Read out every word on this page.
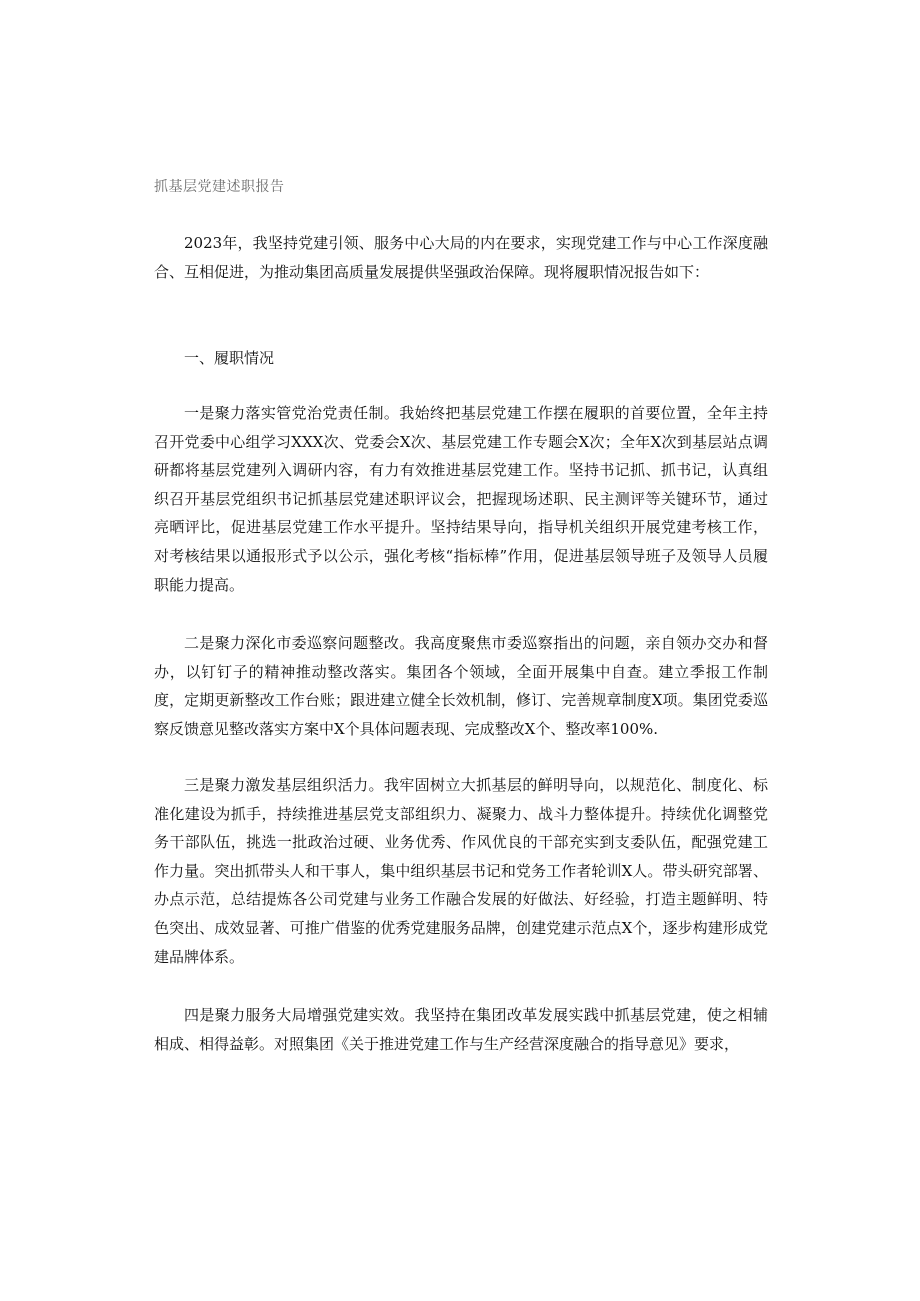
抓基层党建述职报告

2023年，我坚持党建引领、服务中心大局的内在要求，实现党建工作与中心工作深度融合、互相促进，为推动集团高质量发展提供坚强政治保障。现将履职情况报告如下：

一、履职情况

一是聚力落实管党治党责任制。我始终把基层党建工作摆在履职的首要位置，全年主持召开党委中心组学习XXX次、党委会X次、基层党建工作专题会X次；全年X次到基层站点调研都将基层党建列入调研内容，有力有效推进基层党建工作。坚持书记抓、抓书记，认真组织召开基层党组织书记抓基层党建述职评议会，把握现场述职、民主测评等关键环节，通过亮晒评比，促进基层党建工作水平提升。坚持结果导向，指导机关组织开展党建考核工作，对考核结果以通报形式予以公示，强化考核“指标棒”作用，促进基层领导班子及领导人员履职能力提高。

二是聚力深化市委巡察问题整改。我高度聚焦市委巡察指出的问题，亲自领办交办和督办，以钉钉子的精神推动整改落实。集团各个领域，全面开展集中自查。建立季报工作制度，定期更新整改工作台账；跟进建立健全长效机制，修订、完善规章制度X项。集团党委巡察反馈意见整改落实方案中X个具体问题表现、完成整改X个、整改率100%.

三是聚力激发基层组织活力。我牢固树立大抓基层的鲜明导向，以规范化、制度化、标准化建设为抓手，持续推进基层党支部组织力、凝聚力、战斗力整体提升。持续优化调整党务干部队伍，挑选一批政治过硬、业务优秀、作风优良的干部充实到支委队伍，配强党建工作力量。突出抓带头人和干事人，集中组织基层书记和党务工作者轮训X人。带头研究部署、办点示范，总结提炼各公司党建与业务工作融合发展的好做法、好经验，打造主题鲜明、特色突出、成效显著、可推广借鉴的优秀党建服务品牌，创建党建示范点X个，逐步构建形成党建品牌体系。

四是聚力服务大局增强党建实效。我坚持在集团改革发展实践中抓基层党建，使之相辅相成、相得益彰。对照集团《关于推进党建工作与生产经营深度融合的指导意见》要求，
